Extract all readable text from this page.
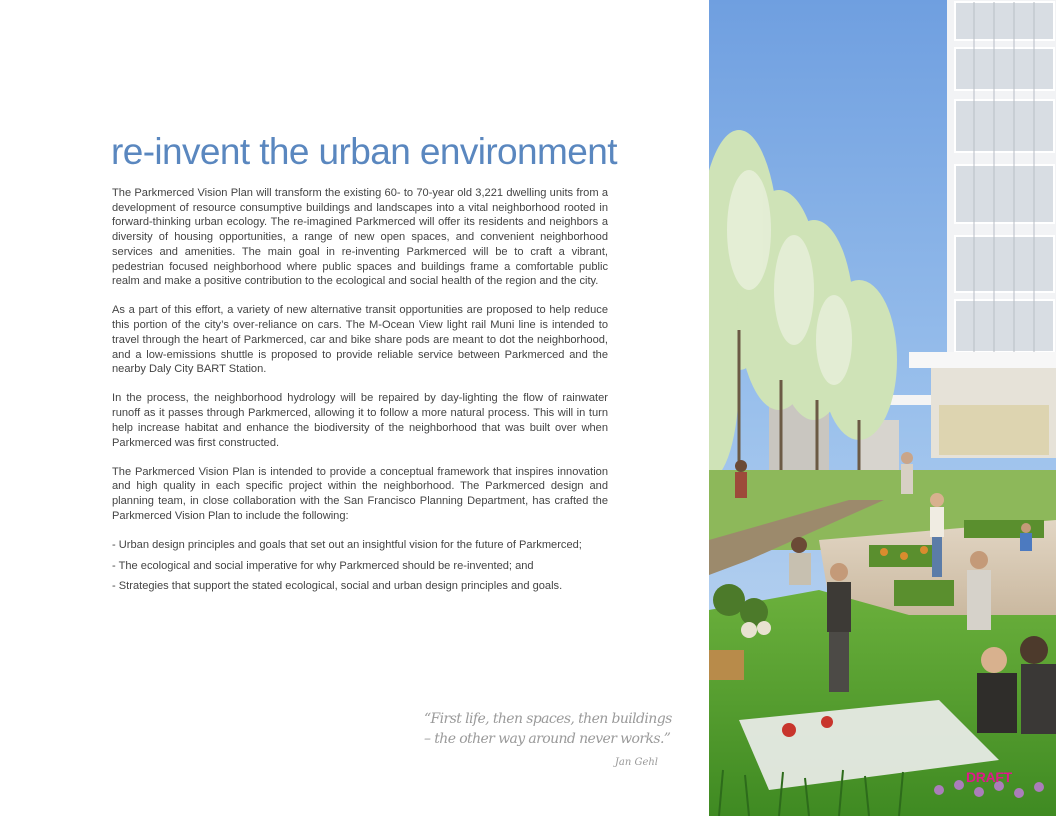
re-invent the urban environment

The Parkmerced Vision Plan will transform the existing 60- to 70-year old 3,221 dwelling units from a development of resource consumptive buildings and landscapes into a vital neighborhood rooted in forward-thinking urban ecology. The re-imagined Parkmerced will offer its residents and neighbors a diversity of housing opportunities, a range of new open spaces, and convenient neighborhood services and amenities. The main goal in re-inventing Parkmerced will be to craft a vibrant, pedestrian focused neighborhood where public spaces and buildings frame a comfortable public realm and make a positive contribution to the ecological and social health of the region and the city.

As a part of this effort, a variety of new alternative transit opportunities are proposed to help reduce this portion of the city’s over-reliance on cars. The M-Ocean View light rail Muni line is intended to travel through the heart of Parkmerced, car and bike share pods are meant to dot the neighborhood, and a low-emissions shuttle is proposed to provide reliable service between Parkmerced and the nearby Daly City BART Station.

In the process, the neighborhood hydrology will be repaired by day-lighting the flow of rainwater runoff as it passes through Parkmerced, allowing it to follow a more natural process. This will in turn help increase habitat and enhance the biodiversity of the neighborhood that was built over when Parkmerced was first constructed.

The Parkmerced Vision Plan is intended to provide a conceptual framework that inspires innovation and high quality in each specific project within the neighborhood. The Parkmerced design and planning team, in close collaboration with the San Francisco Planning Department, has crafted the Parkmerced Vision Plan to include the following:

- Urban design principles and goals that set out an insightful vision for the future of Parkmerced;
- The ecological and social imperative for why Parkmerced should be re-invented; and
- Strategies that support the stated ecological, social and urban design principles and goals.
“First life, then spaces, then buildings – the other way around never works.”
Jan Gehl
DRAFT
